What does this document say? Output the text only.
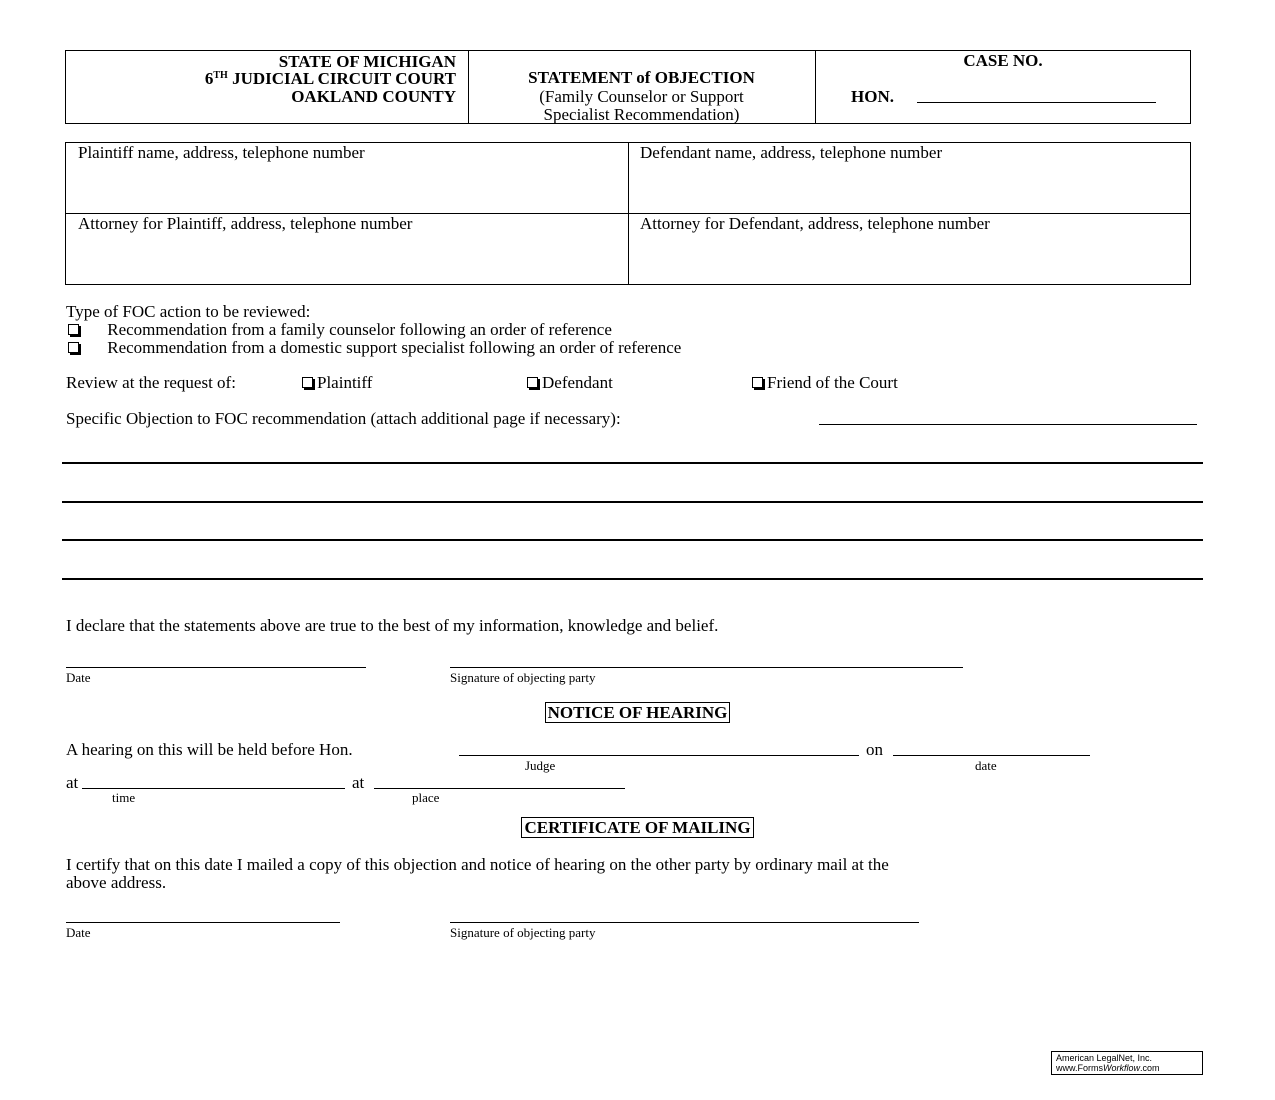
STATE OF MICHIGAN
6TH JUDICIAL CIRCUIT COURT
OAKLAND COUNTY
STATEMENT of OBJECTION
(Family Counselor or Support
Specialist Recommendation)
CASE NO.
HON.
Plaintiff name, address, telephone number	Defendant name, address, telephone number
Attorney for Plaintiff, address, telephone number	Attorney for Defendant, address, telephone number
Type of FOC action to be reviewed:
Recommendation from a family counselor following an order of reference
Recommendation from a domestic support specialist following an order of reference
Review at the request of:	Plaintiff	Defendant	Friend of the Court
Specific Objection to FOC recommendation (attach additional page if necessary):
I declare that the statements above are true to the best of my information, knowledge and belief.
Date	Signature of objecting party
NOTICE OF HEARING
A hearing on this will be held before Hon.	on
Judge	date
at	at
time	place
CERTIFICATE OF MAILING
I certify that on this date I mailed a copy of this objection and notice of hearing on the other party by ordinary mail at the
above address.
Date	Signature of objecting party
American LegalNet, Inc.
www.FormsWorkflow.com
